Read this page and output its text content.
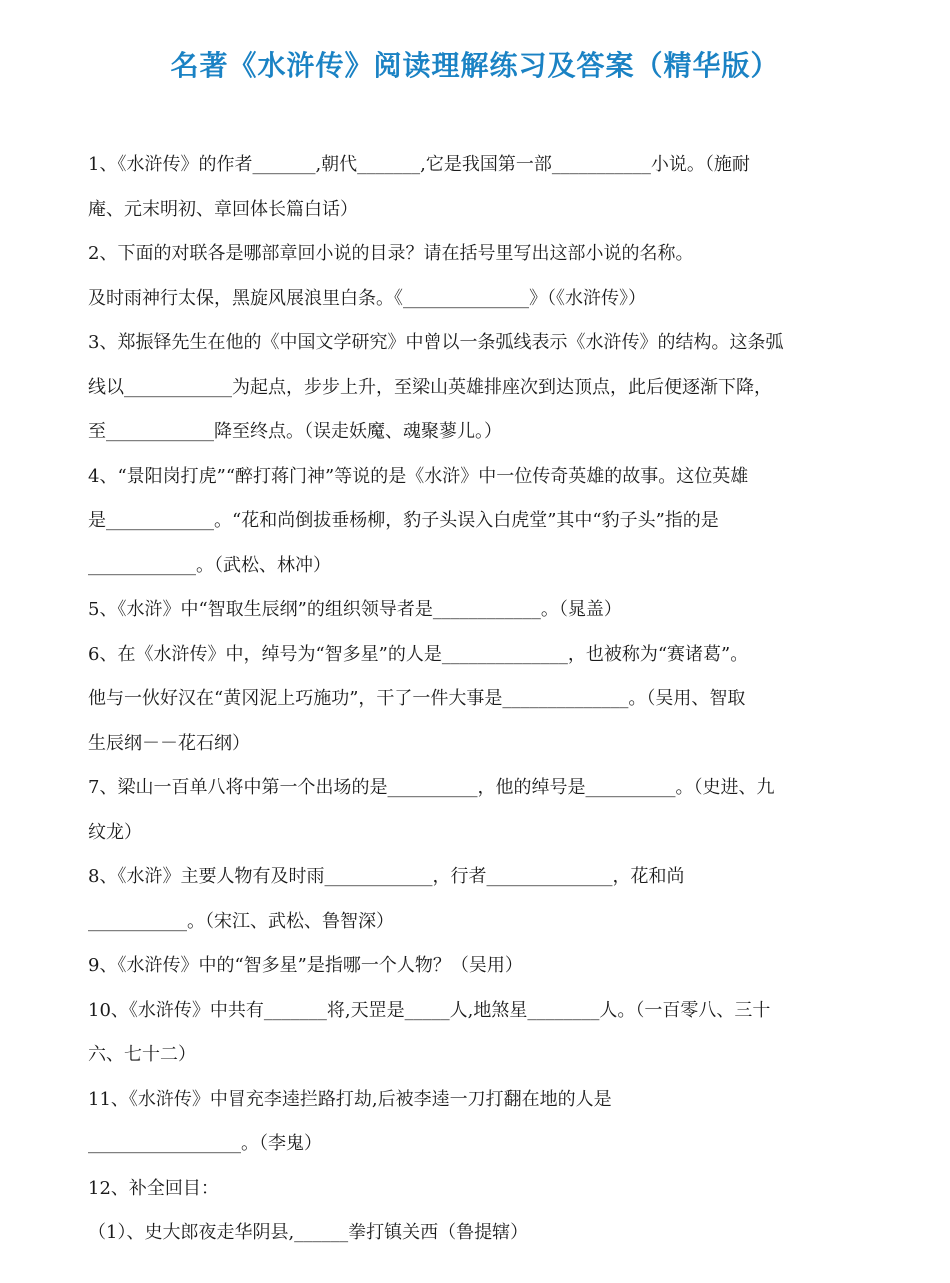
名著《水浒传》阅读理解练习及答案（精华版）
1、《水浒传》的作者_______,朝代_______,它是我国第一部___________小说。（施耐
庵、元末明初、章回体长篇白话）
2、下面的对联各是哪部章回小说的目录？请在括号里写出这部小说的名称。
及时雨神行太保，黑旋风展浪里白条。《______________》（《水浒传》）
3、郑振铎先生在他的《中国文学研究》中曾以一条弧线表示《水浒传》的结构。这条弧
线以____________为起点，步步上升，至梁山英雄排座次到达顶点，此后便逐渐下降，
至____________降至终点。（误走妖魔、魂聚蓼儿。）
4、“景阳岗打虎”“醉打蒋门神”等说的是《水浒》中一位传奇英雄的故事。这位英雄
是____________。“花和尚倒拔垂杨柳，豹子头误入白虎堂”其中“豹子头”指的是
____________。（武松、林冲）
5、《水浒》中“智取生辰纲”的组织领导者是____________。（晁盖）
6、在《水浒传》中，绰号为“智多星”的人是______________，也被称为“赛诸葛”。
他与一伙好汉在“黄冈泥上巧施功”，干了一件大事是______________。（吴用、智取
生辰纲－－花石纲）
7、梁山一百单八将中第一个出场的是__________，他的绰号是__________。（史进、九
纹龙）
8、《水浒》主要人物有及时雨____________，行者______________，花和尚
___________。（宋江、武松、鲁智深）
9、《水浒传》中的“智多星”是指哪一个人物？（吴用）
10、《水浒传》中共有_______将,天罡是_____人,地煞星________人。（一百零八、三十
六、七十二）
11、《水浒传》中冒充李逵拦路打劫,后被李逵一刀打翻在地的人是
_________________。（李鬼）
12、补全回目：
（1）、史大郎夜走华阴县,______拳打镇关西（鲁提辖）
